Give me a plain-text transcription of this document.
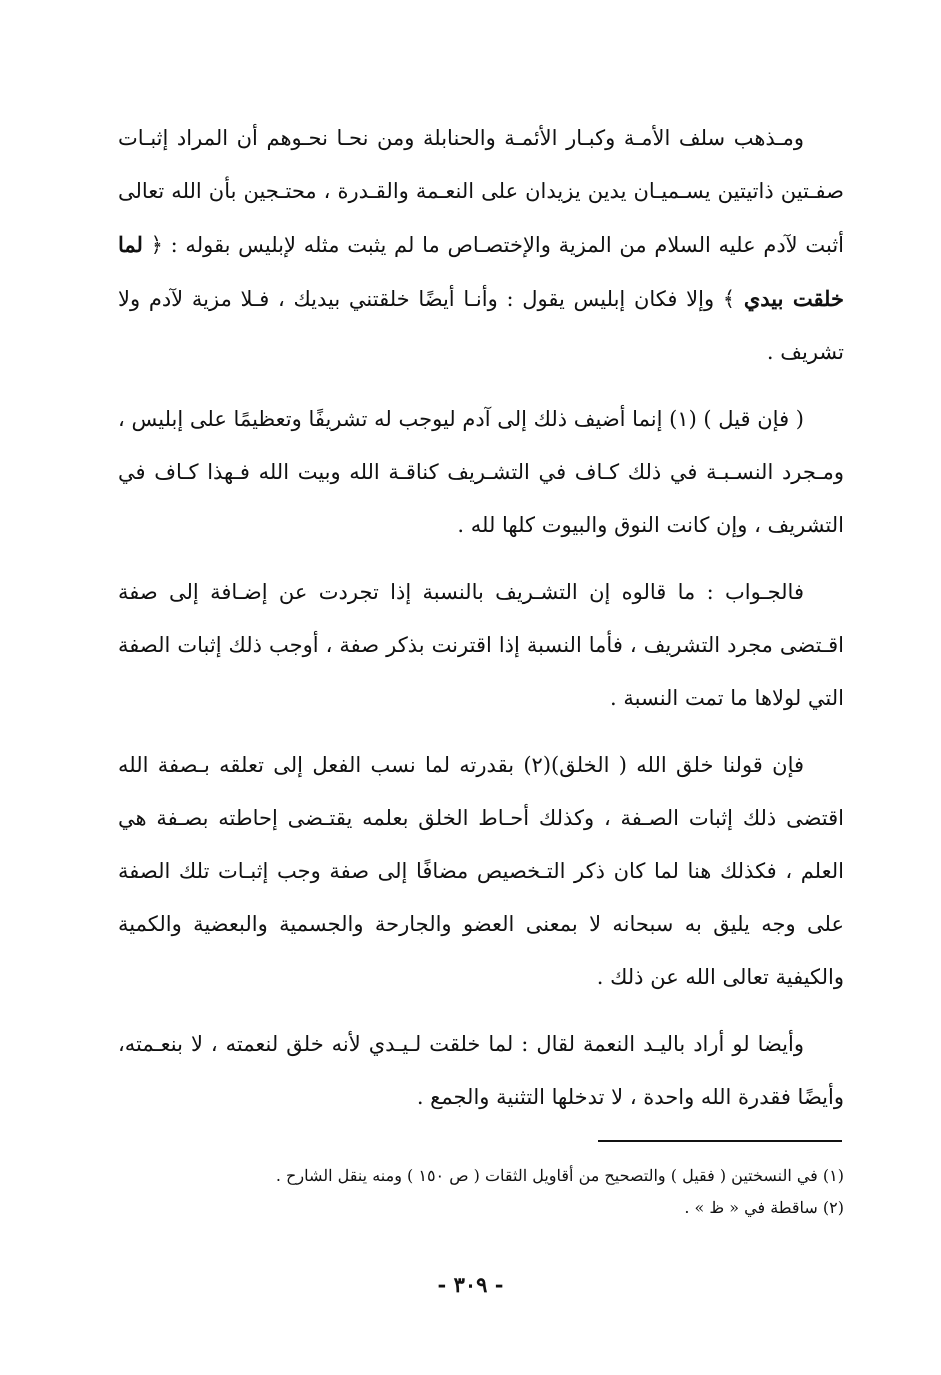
ومـذهب سلف الأمـة وكبـار الأئمـة والحنابلة ومن نحـا نحـوهم أن المراد إثبـات صفـتين ذاتيتين يسـميـان يدين يزيدان على النعـمة والقـدرة ، محتـجين بأن الله تعالى أثبت لآدم عليه السلام من المزية والإختصـاص ما لم يثبت مثله لإبليس بقوله : ﴿ لما خلقت بيدي ﴾ وإلا فكان إبليس يقول : وأنـا أيضًا خلقتني بيديك ، فـلا مزية لآدم ولا تشريف .

( فإن قيل ) (١) إنما أضيف ذلك إلى آدم ليوجب له تشريفًا وتعظيمًا على إبليس ، ومـجرد النسـبـة في ذلك كـاف في التشـريف كناقـة الله وبيت الله فـهذا كـاف في التشريف ، وإن كانت النوق والبيوت كلها لله .

فالجـواب : ما قالوه إن التشـريف بالنسبة إذا تجردت عن إضـافة إلى صفة اقـتضى مجرد التشريف ، فأما النسبة إذا اقترنت بذكر صفة ، أوجب ذلك إثبات الصفة التي لولاها ما تمت النسبة .

فإن قولنا خلق الله ( الخلق)(٢) بقدرته لما نسب الفعل إلى تعلقه بـصفة الله اقتضى ذلك إثبات الصـفة ، وكذلك أحـاط الخلق بعلمه يقتـضى إحاطته بصـفة هي العلم ، فكذلك هنا لما كان ذكر التـخصيص مضافًا إلى صفة وجب إثبـات تلك الصفة على وجه يليق به سبحانه لا بمعنى العضو والجارحة والجسمية والبعضية والكمية والكيفية تعالى الله عن ذلك .

وأيضا لو أراد باليـد النعمة لقال : لما خلقت لـيـدي لأنه خلق لنعمته ، لا بنعـمته، وأيضًا فقدرة الله واحدة ، لا تدخلها التثنية والجمع .

(١) في النسختين ( فقيل ) والتصحيح من أقاويل الثقات ( ص ١٥٠ ) ومنه ينقل الشارح .

(٢) ساقطة في « ظ » .

- ٣٠٩ -
